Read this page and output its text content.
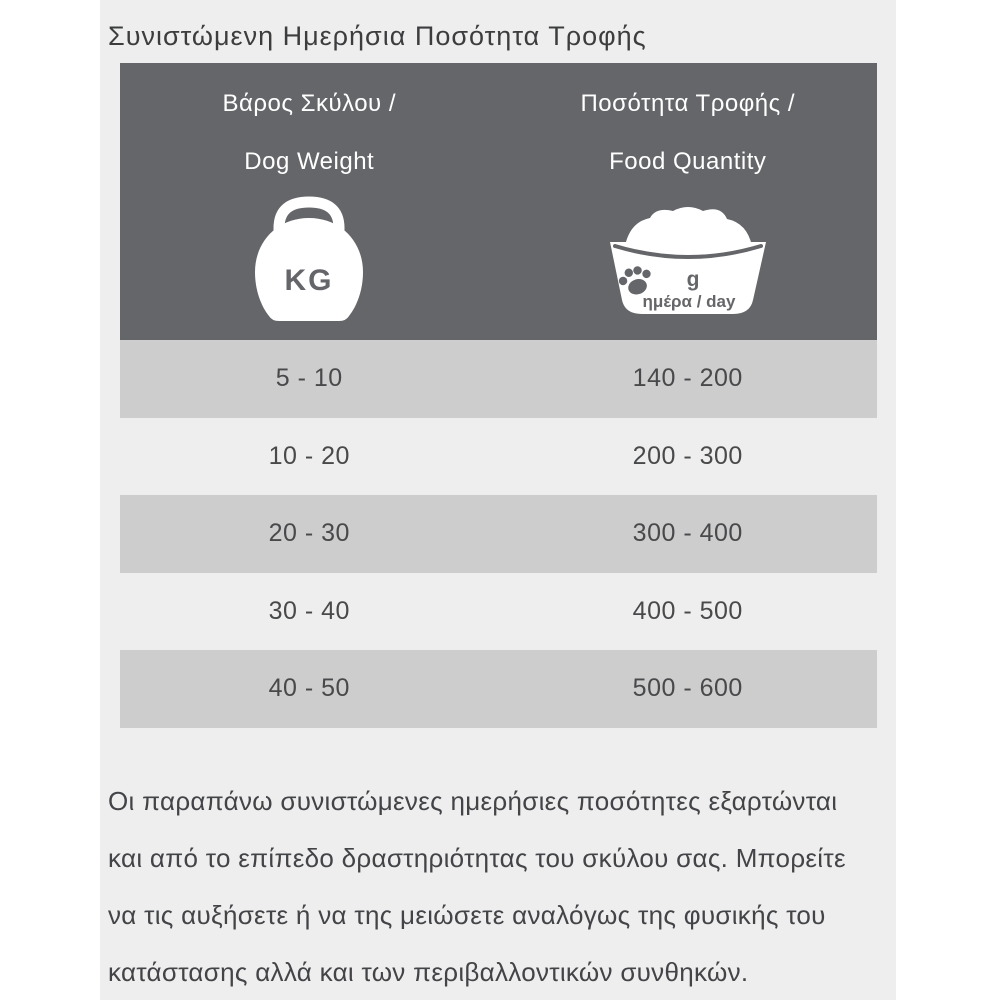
Συνιστώμενη Ημερήσια Ποσότητα Τροφής
Βάρος Σκύλου /
Dog Weight
KG
Ποσότητα Τροφής /
Food Quantity
g
ημέρα / day
5 - 10	140 - 200
10 - 20	200 - 300
20 - 30	300 - 400
30 - 40	400 - 500
40 - 50	500 - 600
Οι παραπάνω συνιστώμενες ημερήσιες ποσότητες εξαρτώνται
και από το επίπεδο δραστηριότητας του σκύλου σας. Μπορείτε
να τις αυξήσετε ή να της μειώσετε αναλόγως της φυσικής του
κατάστασης αλλά και των περιβαλλοντικών συνθηκών.
